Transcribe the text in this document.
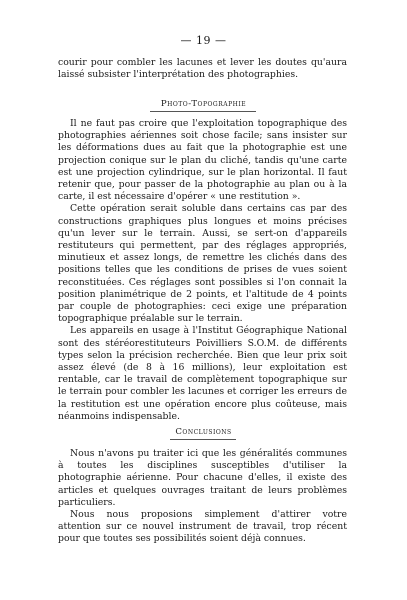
— 19 —

courir pour combler les lacunes et lever les doutes qu'aura laissé subsister l'interprétation des photographies.

Photo-Topographie

Il ne faut pas croire que l'exploitation topographique des photographies aériennes soit chose facile; sans insister sur les déformations dues au fait que la photographie est une projection conique sur le plan du cliché, tandis qu'une carte est une projection cylindrique, sur le plan horizontal. Il faut retenir que, pour passer de la photographie au plan ou à la carte, il est nécessaire d'opérer « une restitution ».

Cette opération serait soluble dans certains cas par des constructions graphiques plus longues et moins précises qu'un lever sur le terrain. Aussi, se sert-on d'appareils restituteurs qui permettent, par des réglages appropriés, minutieux et assez longs, de remettre les clichés dans des positions telles que les conditions de prises de vues soient reconstituées. Ces réglages sont possibles si l'on connait la position planimétrique de 2 points, et l'altitude de 4 points par couple de photographies: ceci exige une préparation topographique préalable sur le terrain.

Les appareils en usage à l'Institut Géographique National sont des stéréorestituteurs Poivilliers S.O.M. de différents types selon la précision recherchée. Bien que leur prix soit assez élevé (de 8 à 16 millions), leur exploitation est rentable, car le travail de complètement topographique sur le terrain pour combler les lacunes et corriger les erreurs de la restitution est une opération encore plus coûteuse, mais néanmoins indispensable.

Conclusions

Nous n'avons pu traiter ici que les généralités communes à toutes les disciplines susceptibles d'utiliser la photographie aérienne. Pour chacune d'elles, il existe des articles et quelques ouvrages traitant de leurs problèmes particuliers.

Nous nous proposions simplement d'attirer votre attention sur ce nouvel instrument de travail, trop récent pour que toutes ses possibilités soient déjà connues.
